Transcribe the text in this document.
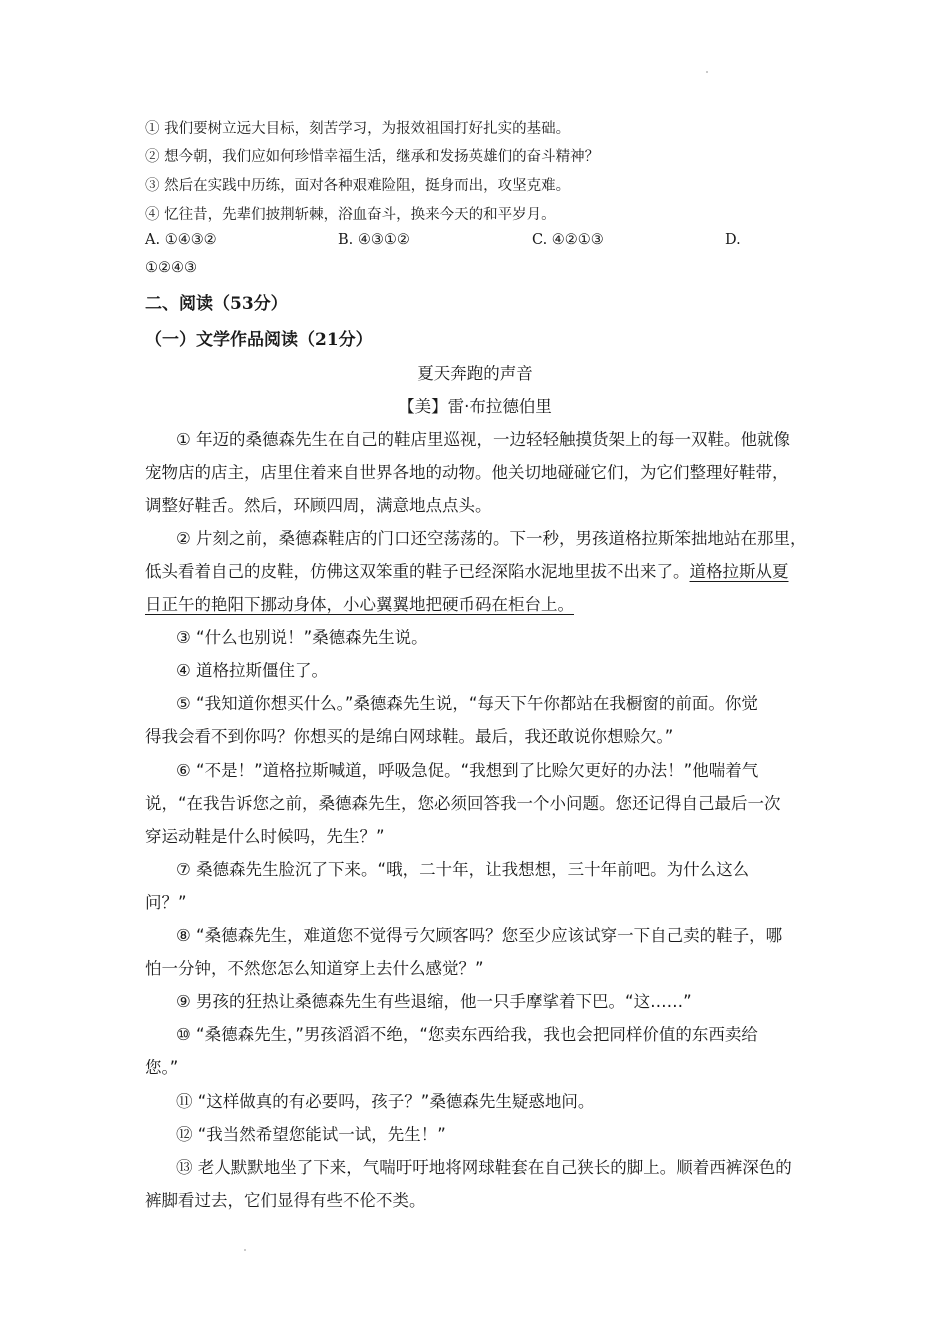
① 我们要树立远大目标，刻苦学习，为报效祖国打好扎实的基础。
② 想今朝，我们应如何珍惜幸福生活，继承和发扬英雄们的奋斗精神？
③ 然后在实践中历练，面对各种艰难险阻，挺身而出，攻坚克难。
④ 忆往昔，先辈们披荆斩棘，浴血奋斗，换来今天的和平岁月。
A. ①④③②	B. ④③①②	C. ④②①③	D.
①②④③
二、阅读（53分）
（一）文学作品阅读（21分）
夏天奔跑的声音
【美】雷·布拉德伯里
① 年迈的桑德森先生在自己的鞋店里巡视，一边轻轻触摸货架上的每一双鞋。他就像
宠物店的店主，店里住着来自世界各地的动物。他关切地碰碰它们，为它们整理好鞋带，
调整好鞋舌。然后，环顾四周，满意地点点头。
② 片刻之前，桑德森鞋店的门口还空荡荡的。下一秒，男孩道格拉斯笨拙地站在那里，
低头看着自己的皮鞋，仿佛这双笨重的鞋子已经深陷水泥地里拔不出来了。道格拉斯从夏
日正午的艳阳下挪动身体，小心翼翼地把硬币码在柜台上。
③ “什么也别说！”桑德森先生说。
④ 道格拉斯僵住了。
⑤ “我知道你想买什么。”桑德森先生说，“每天下午你都站在我橱窗的前面。你觉
得我会看不到你吗？你想买的是绵白网球鞋。最后，我还敢说你想赊欠。”
⑥ “不是！”道格拉斯喊道，呼吸急促。“我想到了比赊欠更好的办法！”他喘着气
说，“在我告诉您之前，桑德森先生，您必须回答我一个小问题。您还记得自己最后一次
穿运动鞋是什么时候吗，先生？”
⑦ 桑德森先生脸沉了下来。“哦，二十年，让我想想，三十年前吧。为什么这么
问？”
⑧ “桑德森先生，难道您不觉得亏欠顾客吗？您至少应该试穿一下自己卖的鞋子，哪
怕一分钟，不然您怎么知道穿上去什么感觉？”
⑨ 男孩的狂热让桑德森先生有些退缩，他一只手摩挲着下巴。“这……”
⑩ “桑德森先生，”男孩滔滔不绝，“您卖东西给我，我也会把同样价值的东西卖给
您。”
⑪ “这样做真的有必要吗，孩子？”桑德森先生疑惑地问。
⑫ “我当然希望您能试一试，先生！”
⑬ 老人默默地坐了下来，气喘吁吁地将网球鞋套在自己狭长的脚上。顺着西裤深色的
裤脚看过去，它们显得有些不伦不类。
